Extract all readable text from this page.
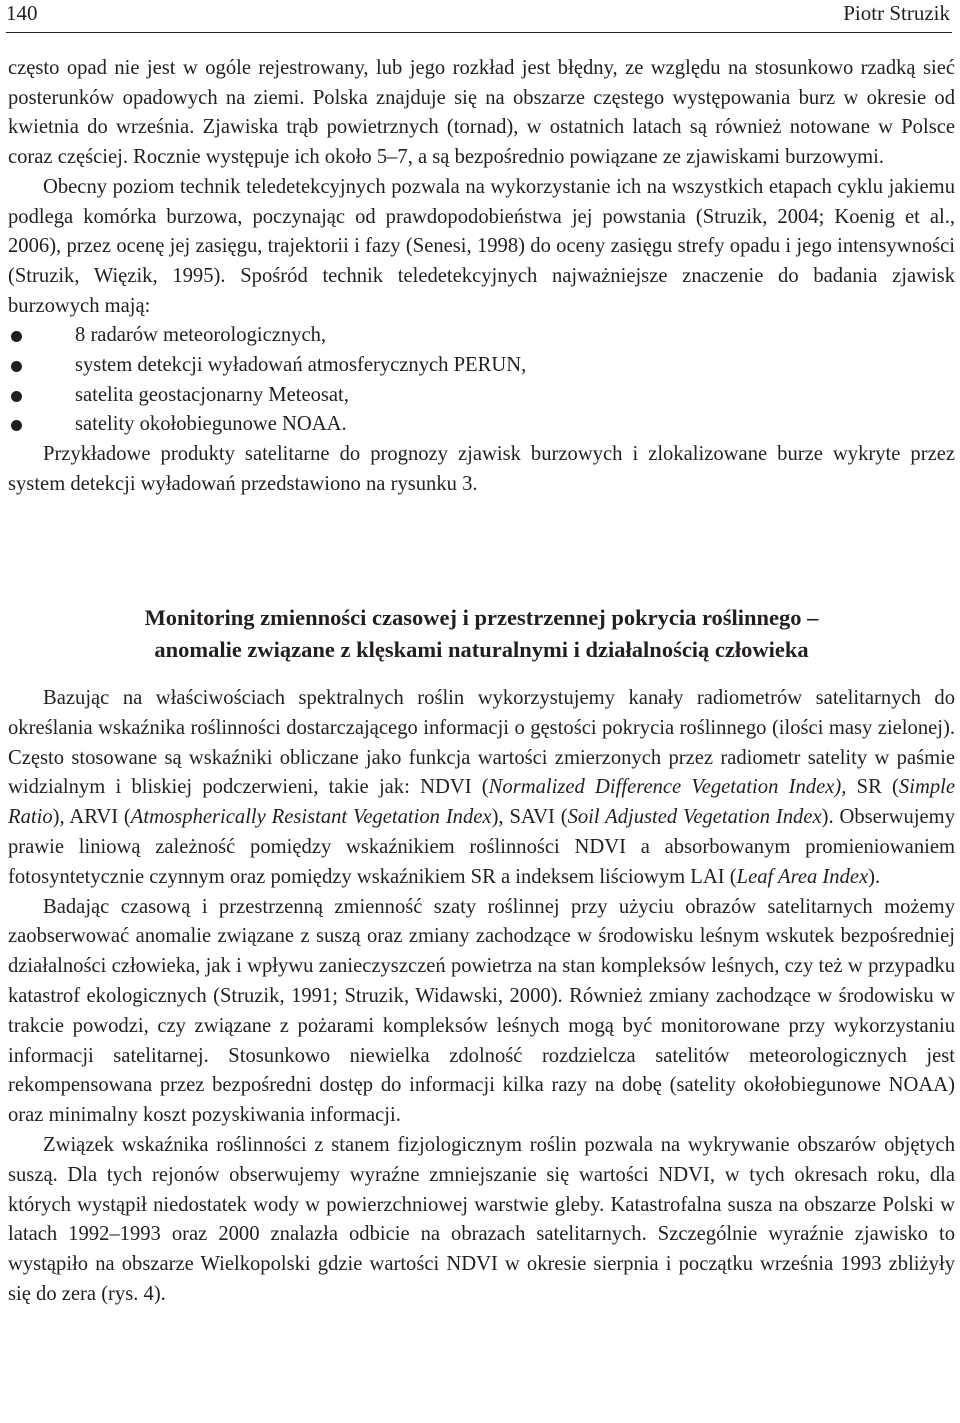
140	Piotr Struzik

często opad nie jest w ogóle rejestrowany, lub jego rozkład jest błędny, ze względu na stosunkowo rzadką sieć posterunków opadowych na ziemi. Polska znajduje się na obszarze częstego występowania burz w okresie od kwietnia do września. Zjawiska trąb powietrznych (tornad), w ostatnich latach są również notowane w Polsce coraz częściej. Rocznie występuje ich około 5–7, a są bezpośrednio powiązane ze zjawiskami burzowymi.

Obecny poziom technik teledetekcyjnych pozwala na wykorzystanie ich na wszystkich etapach cyklu jakiemu podlega komórka burzowa, poczynając od prawdopodobieństwa jej powstania (Struzik, 2004; Koenig et al., 2006), przez ocenę jej zasięgu, trajektorii i fazy (Senesi, 1998) do oceny zasięgu strefy opadu i jego intensywności (Struzik, Więzik, 1995). Spośród technik teledetekcyjnych najważniejsze znaczenie do badania zjawisk burzowych mają:

8 radarów meteorologicznych,
system detekcji wyładowań atmosferycznych PERUN,
satelita geostacjonarny Meteosat,
satelity okołobiegunowe NOAA.

Przykładowe produkty satelitarne do prognozy zjawisk burzowych i zlokalizowane burze wykryte przez system detekcji wyładowań przedstawiono na rysunku 3.

Monitoring zmienności czasowej i przestrzennej pokrycia roślinnego –
anomalie związane z klęskami naturalnymi i działalnością człowieka

Bazując na właściwościach spektralnych roślin wykorzystujemy kanały radiometrów satelitarnych do określania wskaźnika roślinności dostarczającego informacji o gęstości pokrycia roślinnego (ilości masy zielonej). Często stosowane są wskaźniki obliczane jako funkcja wartości zmierzonych przez radiometr satelity w paśmie widzialnym i bliskiej podczerwieni, takie jak: NDVI (Normalized Difference Vegetation Index), SR (Simple Ratio), ARVI (Atmospherically Resistant Vegetation Index), SAVI (Soil Adjusted Vegetation Index). Obserwujemy prawie liniową zależność pomiędzy wskaźnikiem roślinności NDVI a absorbowanym promieniowaniem fotosyntetycznie czynnym oraz pomiędzy wskaźnikiem SR a indeksem liściowym LAI (Leaf Area Index).

Badając czasową i przestrzenną zmienność szaty roślinnej przy użyciu obrazów satelitarnych możemy zaobserwować anomalie związane z suszą oraz zmiany zachodzące w środowisku leśnym wskutek bezpośredniej działalności człowieka, jak i wpływu zanieczyszczeń powietrza na stan kompleksów leśnych, czy też w przypadku katastrof ekologicznych (Struzik, 1991; Struzik, Widawski, 2000). Również zmiany zachodzące w środowisku w trakcie powodzi, czy związane z pożarami kompleksów leśnych mogą być monitorowane przy wykorzystaniu informacji satelitarnej. Stosunkowo niewielka zdolność rozdzielcza satelitów meteorologicznych jest rekompensowana przez bezpośredni dostęp do informacji kilka razy na dobę (satelity okołobiegunowe NOAA) oraz minimalny koszt pozyskiwania informacji.

Związek wskaźnika roślinności z stanem fizjologicznym roślin pozwala na wykrywanie obszarów objętych suszą. Dla tych rejonów obserwujemy wyraźne zmniejszanie się wartości NDVI, w tych okresach roku, dla których wystąpił niedostatek wody w powierzchniowej warstwie gleby. Katastrofalna susza na obszarze Polski w latach 1992–1993 oraz 2000 znalazła odbicie na obrazach satelitarnych. Szczególnie wyraźnie zjawisko to wystąpiło na obszarze Wielkopolski gdzie wartości NDVI w okresie sierpnia i początku września 1993 zbliżyły się do zera (rys. 4).
